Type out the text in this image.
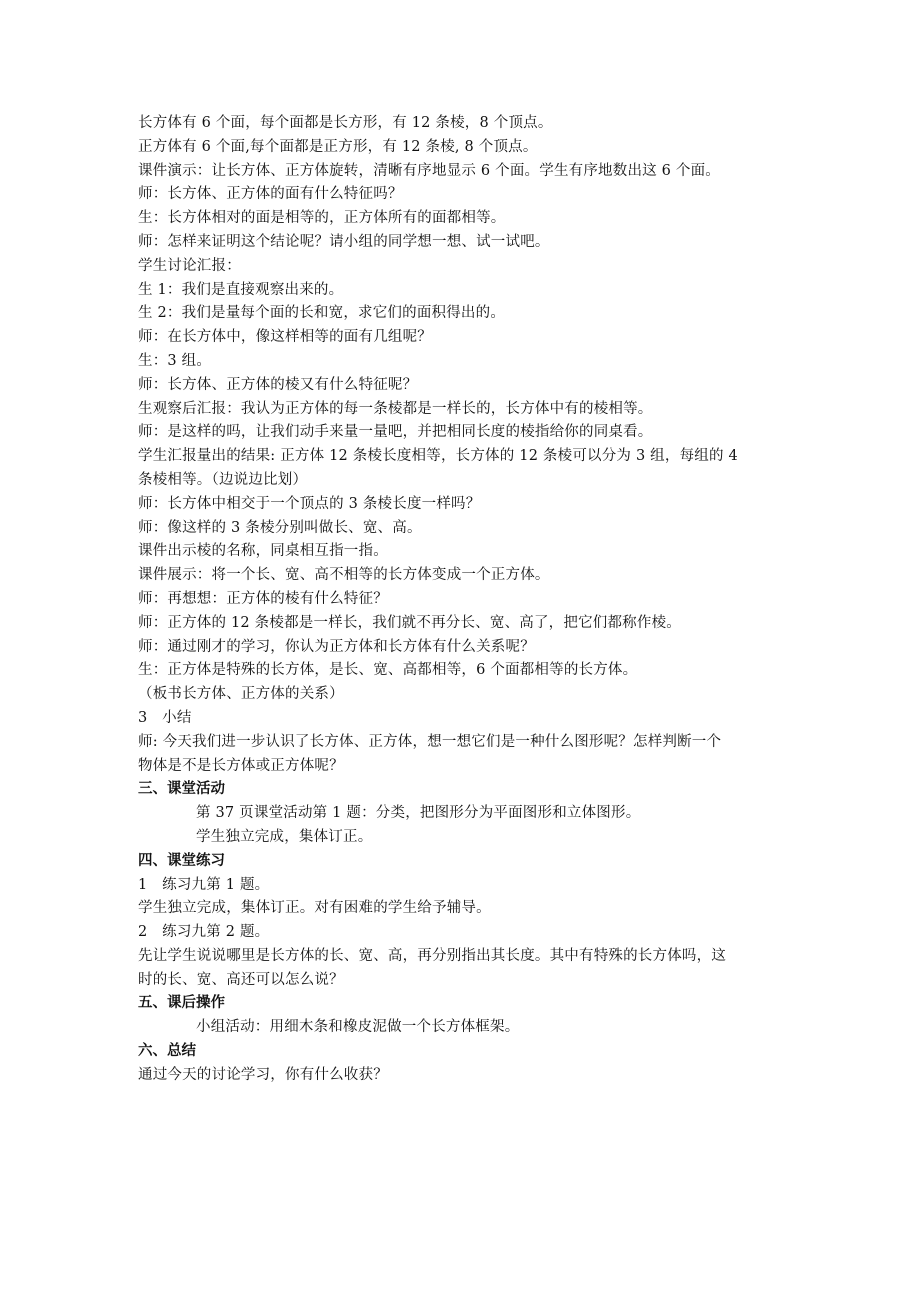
长方体有 6 个面，每个面都是长方形，有 12 条棱，8 个顶点。
正方体有 6 个面,每个面都是正方形，有 12 条棱, 8 个顶点。
课件演示：让长方体、正方体旋转，清晰有序地显示 6 个面。学生有序地数出这 6 个面。
师：长方体、正方体的面有什么特征吗？
生：长方体相对的面是相等的，正方体所有的面都相等。
师：怎样来证明这个结论呢？请小组的同学想一想、试一试吧。
学生讨论汇报：
生 1：我们是直接观察出来的。
生 2：我们是量每个面的长和宽，求它们的面积得出的。
师：在长方体中，像这样相等的面有几组呢？
生：3 组。
师：长方体、正方体的棱又有什么特征呢？
生观察后汇报：我认为正方体的每一条棱都是一样长的，长方体中有的棱相等。
师：是这样的吗，让我们动手来量一量吧，并把相同长度的棱指给你的同桌看。
学生汇报量出的结果: 正方体 12 条棱长度相等，长方体的 12 条棱可以分为 3 组，每组的 4
条棱相等。（边说边比划）
师：长方体中相交于一个顶点的 3 条棱长度一样吗？
师：像这样的 3 条棱分别叫做长、宽、高。
课件出示棱的名称，同桌相互指一指。
课件展示：将一个长、宽、高不相等的长方体变成一个正方体。
师：再想想：正方体的棱有什么特征？
师：正方体的 12 条棱都是一样长，我们就不再分长、宽、高了，把它们都称作棱。
师：通过刚才的学习，你认为正方体和长方体有什么关系呢？
生：正方体是特殊的长方体，是长、宽、高都相等，6 个面都相等的长方体。
（板书长方体、正方体的关系）
3　小结
师: 今天我们进一步认识了长方体、正方体，想一想它们是一种什么图形呢？怎样判断一个
物体是不是长方体或正方体呢？
三、课堂活动
第 37 页课堂活动第 1 题：分类，把图形分为平面图形和立体图形。
学生独立完成，集体订正。
四、课堂练习
1　练习九第 1 题。
学生独立完成，集体订正。对有困难的学生给予辅导。
2　练习九第 2 题。
先让学生说说哪里是长方体的长、宽、高，再分别指出其长度。其中有特殊的长方体吗，这
时的长、宽、高还可以怎么说？
五、课后操作
小组活动：用细木条和橡皮泥做一个长方体框架。
六、总结
通过今天的讨论学习，你有什么收获？
